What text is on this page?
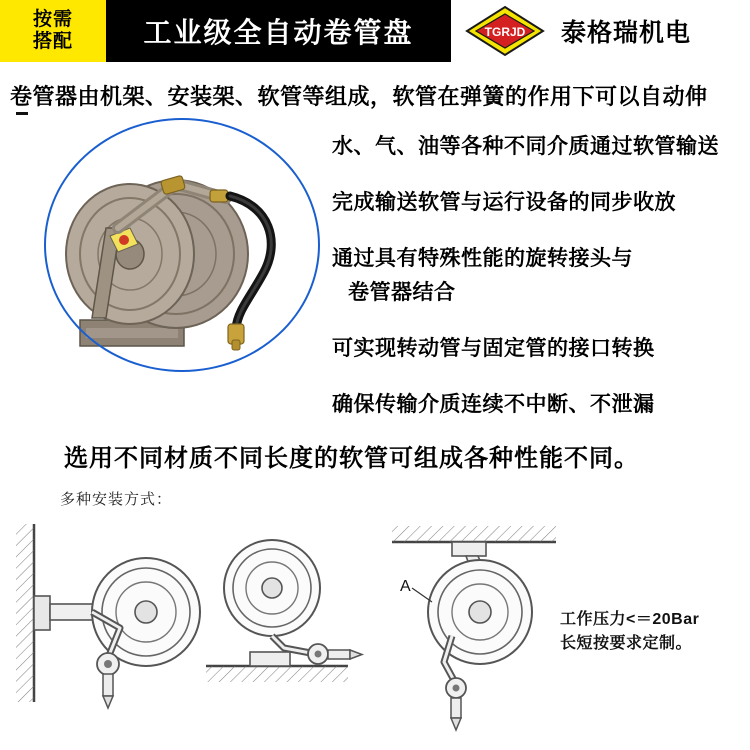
按需
搭配	工业级全自动卷管盘	TGRJD 泰格瑞机电
卷管器由机架、安装架、软管等组成，软管在弹簧的作用下可以自动伸
水、气、油等各种不同介质通过软管输送
完成输送软管与运行设备的同步收放
通过具有特殊性能的旋转接头与
卷管器结合
可实现转动管与固定管的接口转换
确保传输介质连续不中断、不泄漏
选用不同材质不同长度的软管可组成各种性能不同。
多种安装方式：
A
工作压力<＝20Bar
长短按要求定制。
